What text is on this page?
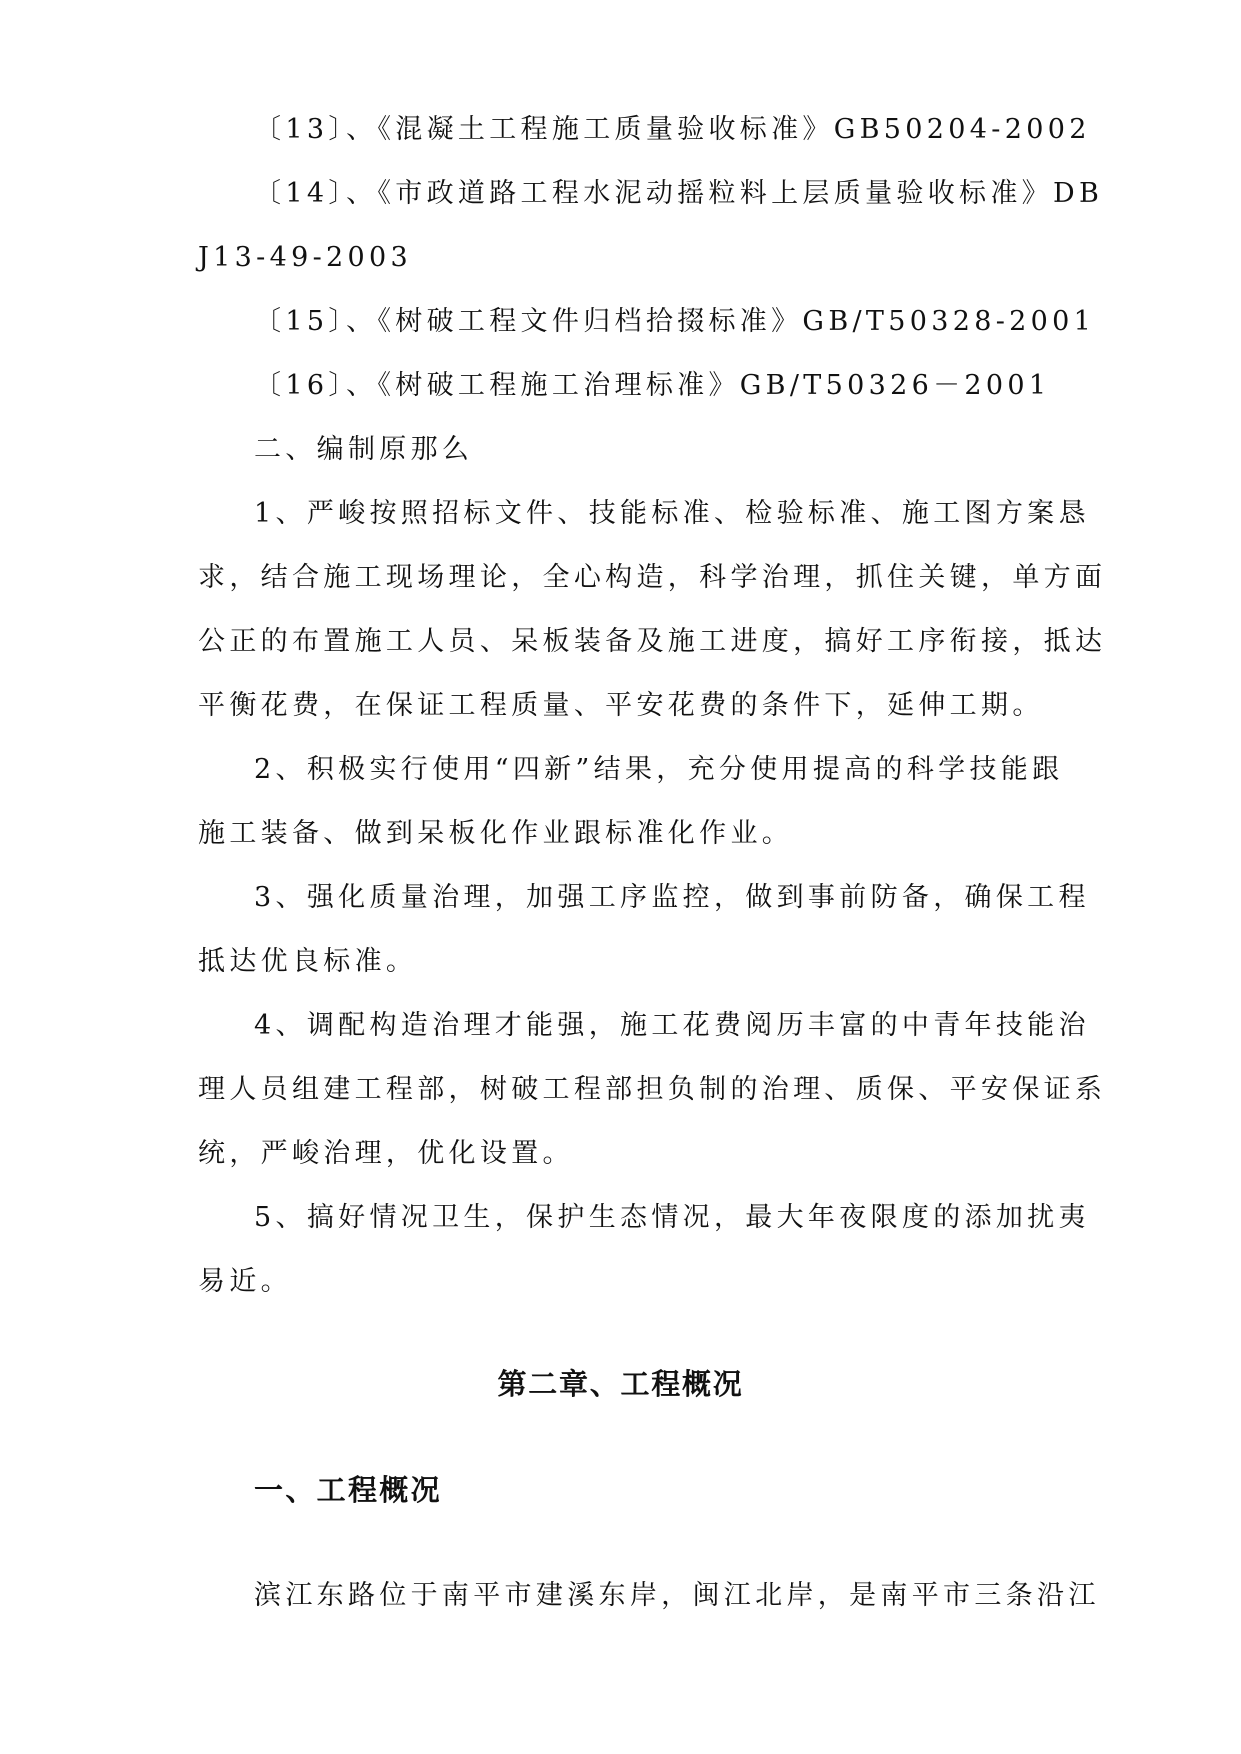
〔13〕、《混凝土工程施工质量验收标准》GB50204-2002

〔14〕、《市政道路工程水泥动摇粒料上层质量验收标准》DB

J13-49-2003

〔15〕、《树破工程文件归档拾掇标准》GB/T50328-2001

〔16〕、《树破工程施工治理标准》GB/T50326－2001

二、编制原那么

1、严峻按照招标文件、技能标准、检验标准、施工图方案恳

求，结合施工现场理论，全心构造，科学治理，抓住关键，单方面

公正的布置施工人员、呆板装备及施工进度，搞好工序衔接，抵达

平衡花费，在保证工程质量、平安花费的条件下，延伸工期。

2、积极实行使用“四新”结果，充分使用提高的科学技能跟

施工装备、做到呆板化作业跟标准化作业。

3、强化质量治理，加强工序监控，做到事前防备，确保工程

抵达优良标准。

4、调配构造治理才能强，施工花费阅历丰富的中青年技能治

理人员组建工程部，树破工程部担负制的治理、质保、平安保证系

统，严峻治理，优化设置。

5、搞好情况卫生，保护生态情况，最大年夜限度的添加扰夷

易近。

第二章、工程概况
一、工程概况

滨江东路位于南平市建溪东岸，闽江北岸，是南平市三条沿江
